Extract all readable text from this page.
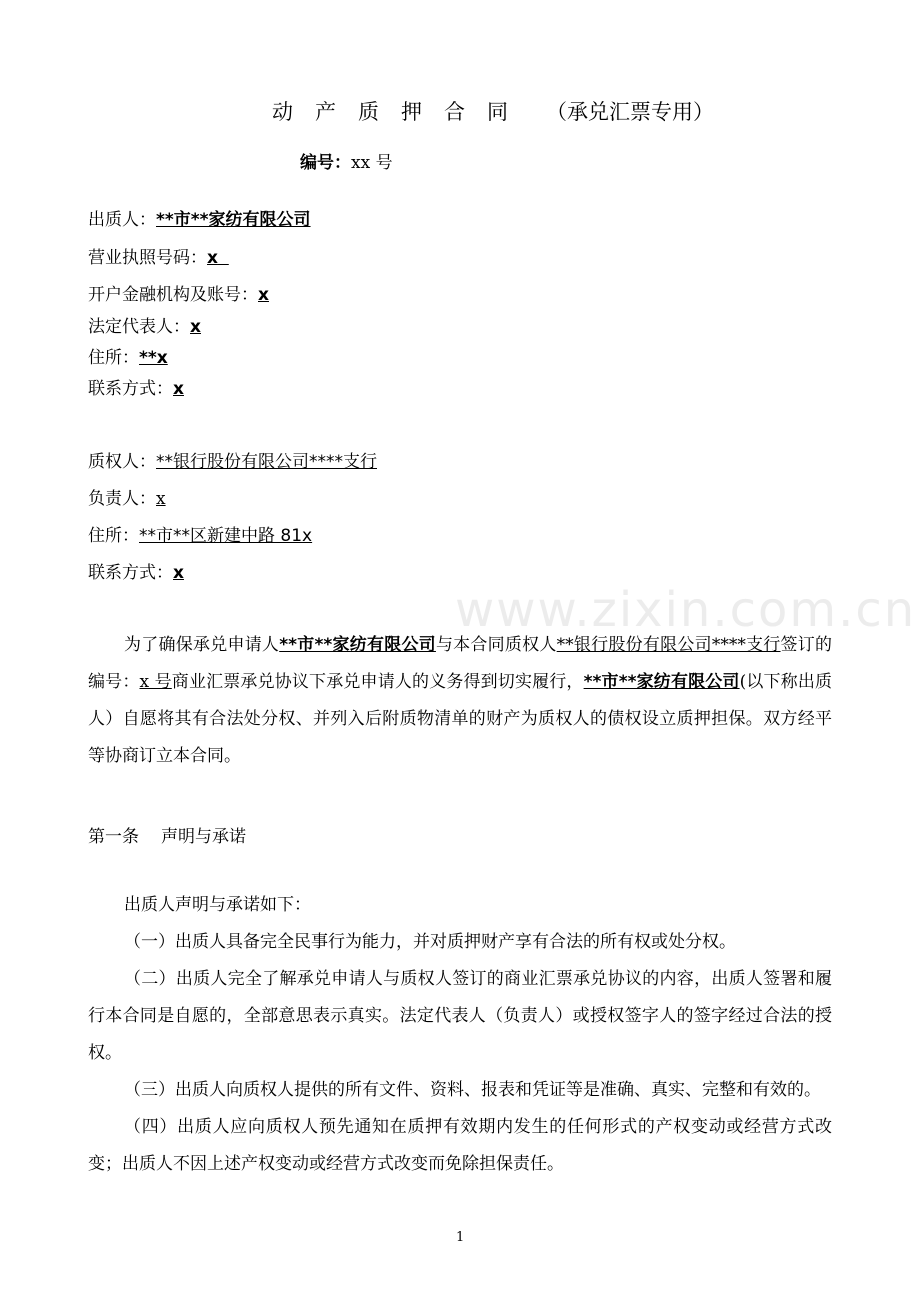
www.zixin.com.cn
动产质押合同 （承兑汇票专用）
编号：xx 号
出质人：**市**家纺有限公司
营业执照号码：x
开户金融机构及账号：x
法定代表人：x
住所：**x
联系方式：x
质权人：**银行股份有限公司****支行
负责人：x
住所：**市**区新建中路 81x
联系方式：x
为了确保承兑申请人**市**家纺有限公司与本合同质权人**银行股份有限公司****支行签订的编号：x 号商业汇票承兑协议下承兑申请人的义务得到切实履行，**市**家纺有限公司(以下称出质人）自愿将其有合法处分权、并列入后附质物清单的财产为质权人的债权设立质押担保。双方经平等协商订立本合同。
第一条 声明与承诺
出质人声明与承诺如下：
（一）出质人具备完全民事行为能力，并对质押财产享有合法的所有权或处分权。
（二）出质人完全了解承兑申请人与质权人签订的商业汇票承兑协议的内容，出质人签署和履行本合同是自愿的，全部意思表示真实。法定代表人（负责人）或授权签字人的签字经过合法的授权。
（三）出质人向质权人提供的所有文件、资料、报表和凭证等是准确、真实、完整和有效的。
（四）出质人应向质权人预先通知在质押有效期内发生的任何形式的产权变动或经营方式改变；出质人不因上述产权变动或经营方式改变而免除担保责任。
1
